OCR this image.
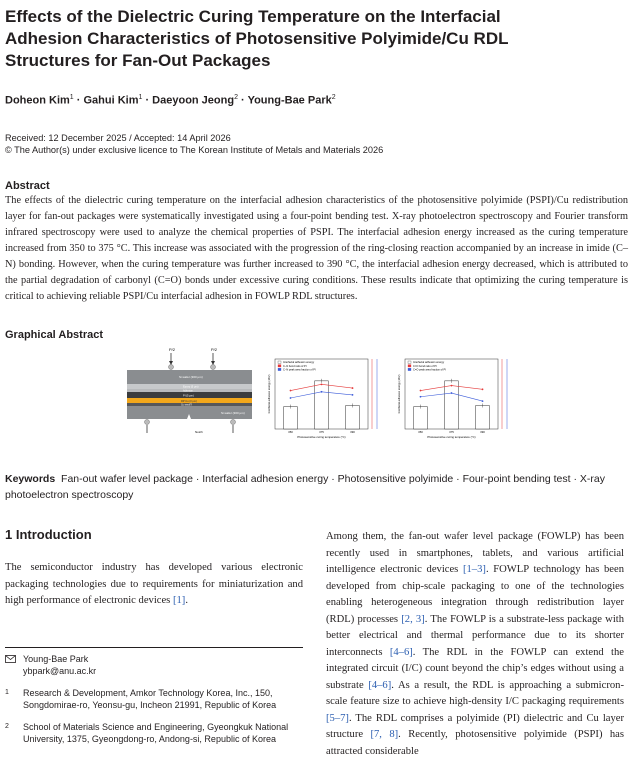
Effects of the Dielectric Curing Temperature on the Interfacial Adhesion Characteristics of Photosensitive Polyimide/Cu RDL Structures for Fan-Out Packages
Doheon Kim$^1$ · Gahui Kim$^1$ · Daeyoon Jeong$^2$ · Young-Bae Park$^2$
Received: 12 December 2025 / Accepted: 14 April 2026
© The Author(s) under exclusive licence to The Korean Institute of Metals and Materials 2026
Abstract

The effects of the dielectric curing temperature on the interfacial adhesion characteristics of the photosensitive polyimide (PSPI)/Cu redistribution layer for fan-out packages were systematically investigated using a four-point bending test. X-ray photoelectron spectroscopy and Fourier transform infrared spectroscopy were used to analyze the chemical properties of PSPI. The interfacial adhesion energy increased as the curing temperature increased from 350 to 375 °C. This increase was associated with the progression of the ring-closing reaction accompanied by an increase in imide (C–N) bonding. However, when the curing temperature was further increased to 390 °C, the interfacial adhesion energy decreased, which is attributed to the partial degradation of carbonyl (C=O) bonds under excessive curing conditions. These results indicate that optimizing the curing temperature is critical to achieving reliable PSPI/Cu interfacial adhesion in FOWLP RDL structures.

Graphical Abstract
P/2	P/2
Si wafer (300 μm)
Epoxy (5 μm)
Adhesion
PI (5 μm)
RP Cu (3 μm)
Cu seed/Ti
Si wafer (300 μm)
Notch
Interfacial adhesion energy
C–N bond ratio of PI
C–N peak area fraction of PI
350	375	390
Photosensitive curing temperature (°C)
Interfacial adhesion energy (J/m²)
Interfacial adhesion energy
C=O bond ratio of PI
C=O peak area fraction of PI
350	375	390
Photosensitive curing temperature (°C)
Interfacial adhesion energy (J/m²)

Keywords Fan-out wafer level package · Interfacial adhesion energy · Photosensitive polyimide · Four-point bending test · X-ray photoelectron spectroscopy

1 Introduction

The semiconductor industry has developed various electronic packaging technologies due to requirements for miniaturization and high performance of electronic devices [1].

Among them, the fan-out wafer level package (FOWLP) has been recently used in smartphones, tablets, and various artificial intelligence electronic devices [1–3]. FOWLP technology has been developed from chip-scale packaging to one of the technologies enabling heterogeneous integration through redistribution layer (RDL) processes [2, 3]. The FOWLP is a substrate-less package with better electrical and thermal performance due to its shorter interconnects [4–6]. The RDL in the FOWLP can extend the integrated circuit (I/C) count beyond the chip’s edges without using a substrate [4–6]. As a result, the RDL is approaching a submicron-scale feature size to achieve high-density I/C packaging requirements [5–7]. The RDL comprises a polyimide (PI) dielectric and Cu layer structure [7, 8]. Recently, photosensitive polyimide (PSPI) has attracted considerable

Young-Bae Park
ybpark@anu.ac.kr
1 Research & Development, Amkor Technology Korea, Inc., 150, Songdomirae-ro, Yeonsu-gu, Incheon 21991, Republic of Korea
2 School of Materials Science and Engineering, Gyeongkuk National University, 1375, Gyeongdong-ro, Andong-si, Republic of Korea
